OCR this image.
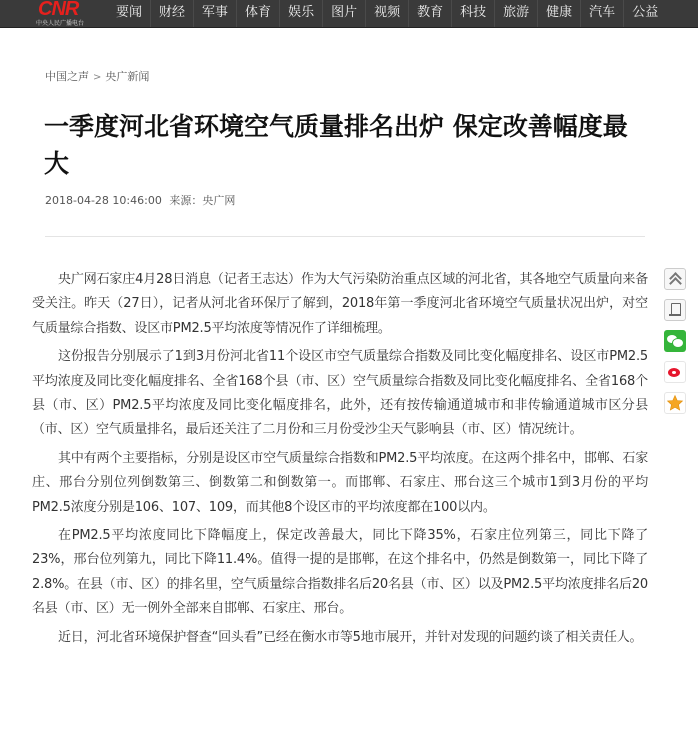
CNR
中央人民广播电台
要闻	财经	军事	体育	娱乐	图片	视频	教育	科技	旅游	健康	汽车	公益
中国之声 > 央广新闻
一季度河北省环境空气质量排名出炉 保定改善幅度最大
2018-04-28 10:46:00 来源：央广网

央广网石家庄4月28日消息（记者王志达）作为大气污染防治重点区域的河北省，其各地空气质量向来备受关注。昨天（27日），记者从河北省环保厅了解到，2018年第一季度河北省环境空气质量状况出炉，对空气质量综合指数、设区市PM2.5平均浓度等情况作了详细梳理。

这份报告分别展示了1到3月份河北省11个设区市空气质量综合指数及同比变化幅度排名、设区市PM2.5平均浓度及同比变化幅度排名、全省168个县（市、区）空气质量综合指数及同比变化幅度排名、全省168个县（市、区）PM2.5平均浓度及同比变化幅度排名，此外，还有按传输通道城市和非传输通道城市区分县（市、区）空气质量排名，最后还关注了二月份和三月份受沙尘天气影响县（市、区）情况统计。

其中有两个主要指标，分别是设区市空气质量综合指数和PM2.5平均浓度。在这两个排名中，邯郸、石家庄、邢台分别位列倒数第三、倒数第二和倒数第一。而邯郸、石家庄、邢台这三个城市1到3月份的平均PM2.5浓度分别是106、107、109，而其他8个设区市的平均浓度都在100以内。

在PM2.5平均浓度同比下降幅度上，保定改善最大，同比下降35%，石家庄位列第三，同比下降了23%，邢台位列第九，同比下降11.4%。值得一提的是邯郸，在这个排名中，仍然是倒数第一，同比下降了2.8%。在县（市、区）的排名里，空气质量综合指数排名后20名县（市、区）以及PM2.5平均浓度排名后20名县（市、区）无一例外全部来自邯郸、石家庄、邢台。

近日，河北省环境保护督查“回头看”已经在衡水市等5地市展开，并针对发现的问题约谈了相关责任人。
